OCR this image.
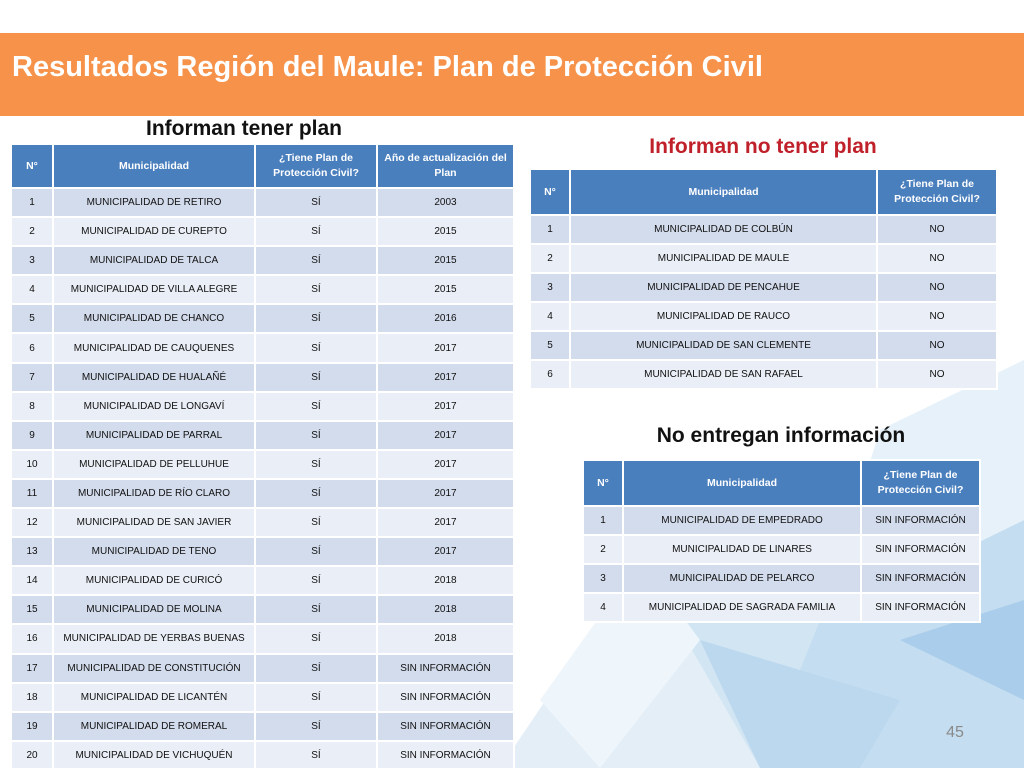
Resultados Región del Maule: Plan de Protección Civil
Informan tener plan
Informan no tener plan
No entregan información
N°	Municipalidad	¿Tiene Plan de Protección Civil?	Año de actualización del Plan
1	MUNICIPALIDAD DE RETIRO	SÍ	2003
2	MUNICIPALIDAD DE CUREPTO	SÍ	2015
3	MUNICIPALIDAD DE TALCA	SÍ	2015
4	MUNICIPALIDAD DE VILLA ALEGRE	SÍ	2015
5	MUNICIPALIDAD DE CHANCO	SÍ	2016
6	MUNICIPALIDAD DE CAUQUENES	SÍ	2017
7	MUNICIPALIDAD DE HUALAÑÉ	SÍ	2017
8	MUNICIPALIDAD DE LONGAVÍ	SÍ	2017
9	MUNICIPALIDAD DE PARRAL	SÍ	2017
10	MUNICIPALIDAD DE PELLUHUE	SÍ	2017
11	MUNICIPALIDAD DE RÍO CLARO	SÍ	2017
12	MUNICIPALIDAD DE SAN JAVIER	SÍ	2017
13	MUNICIPALIDAD DE TENO	SÍ	2017
14	MUNICIPALIDAD DE CURICÓ	SÍ	2018
15	MUNICIPALIDAD DE MOLINA	SÍ	2018
16	MUNICIPALIDAD DE YERBAS BUENAS	SÍ	2018
17	MUNICIPALIDAD DE CONSTITUCIÓN	SÍ	SIN INFORMACIÓN
18	MUNICIPALIDAD DE LICANTÉN	SÍ	SIN INFORMACIÓN
19	MUNICIPALIDAD DE ROMERAL	SÍ	SIN INFORMACIÓN
20	MUNICIPALIDAD DE VICHUQUÉN	SÍ	SIN INFORMACIÓN
N°	Municipalidad	¿Tiene Plan de Protección Civil?
1	MUNICIPALIDAD DE COLBÚN	NO
2	MUNICIPALIDAD DE MAULE	NO
3	MUNICIPALIDAD DE PENCAHUE	NO
4	MUNICIPALIDAD DE RAUCO	NO
5	MUNICIPALIDAD DE SAN CLEMENTE	NO
6	MUNICIPALIDAD DE SAN RAFAEL	NO
N°	Municipalidad	¿Tiene Plan de Protección Civil?
1	MUNICIPALIDAD DE EMPEDRADO	SIN INFORMACIÓN
2	MUNICIPALIDAD DE LINARES	SIN INFORMACIÓN
3	MUNICIPALIDAD DE PELARCO	SIN INFORMACIÓN
4	MUNICIPALIDAD DE SAGRADA FAMILIA	SIN INFORMACIÓN
45
